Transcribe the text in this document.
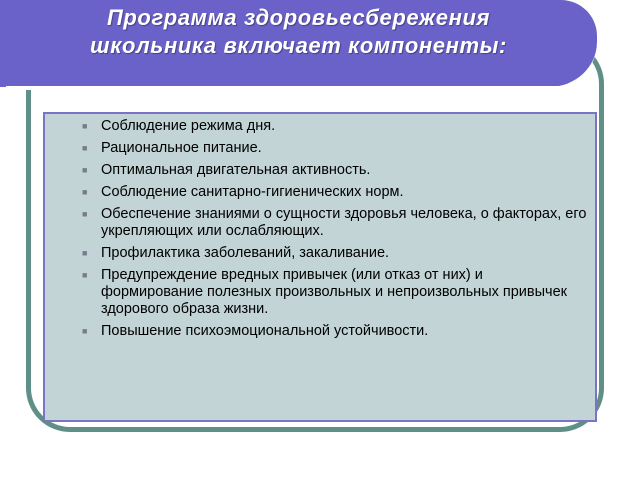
Программа здоровьесбережения
школьника включает компоненты:
■ Соблюдение режима дня.
■ Рациональное питание.
■ Оптимальная двигательная активность.
■ Соблюдение санитарно-гигиенических норм.
■ Обеспечение знаниями о сущности здоровья человека, о факторах, его укрепляющих или ослабляющих.
■ Профилактика заболеваний, закаливание.
■ Предупреждение вредных привычек (или отказ от них) и формирование полезных произвольных и непроизвольных привычек здорового образа жизни.
■ Повышение психоэмоциональной устойчивости.
